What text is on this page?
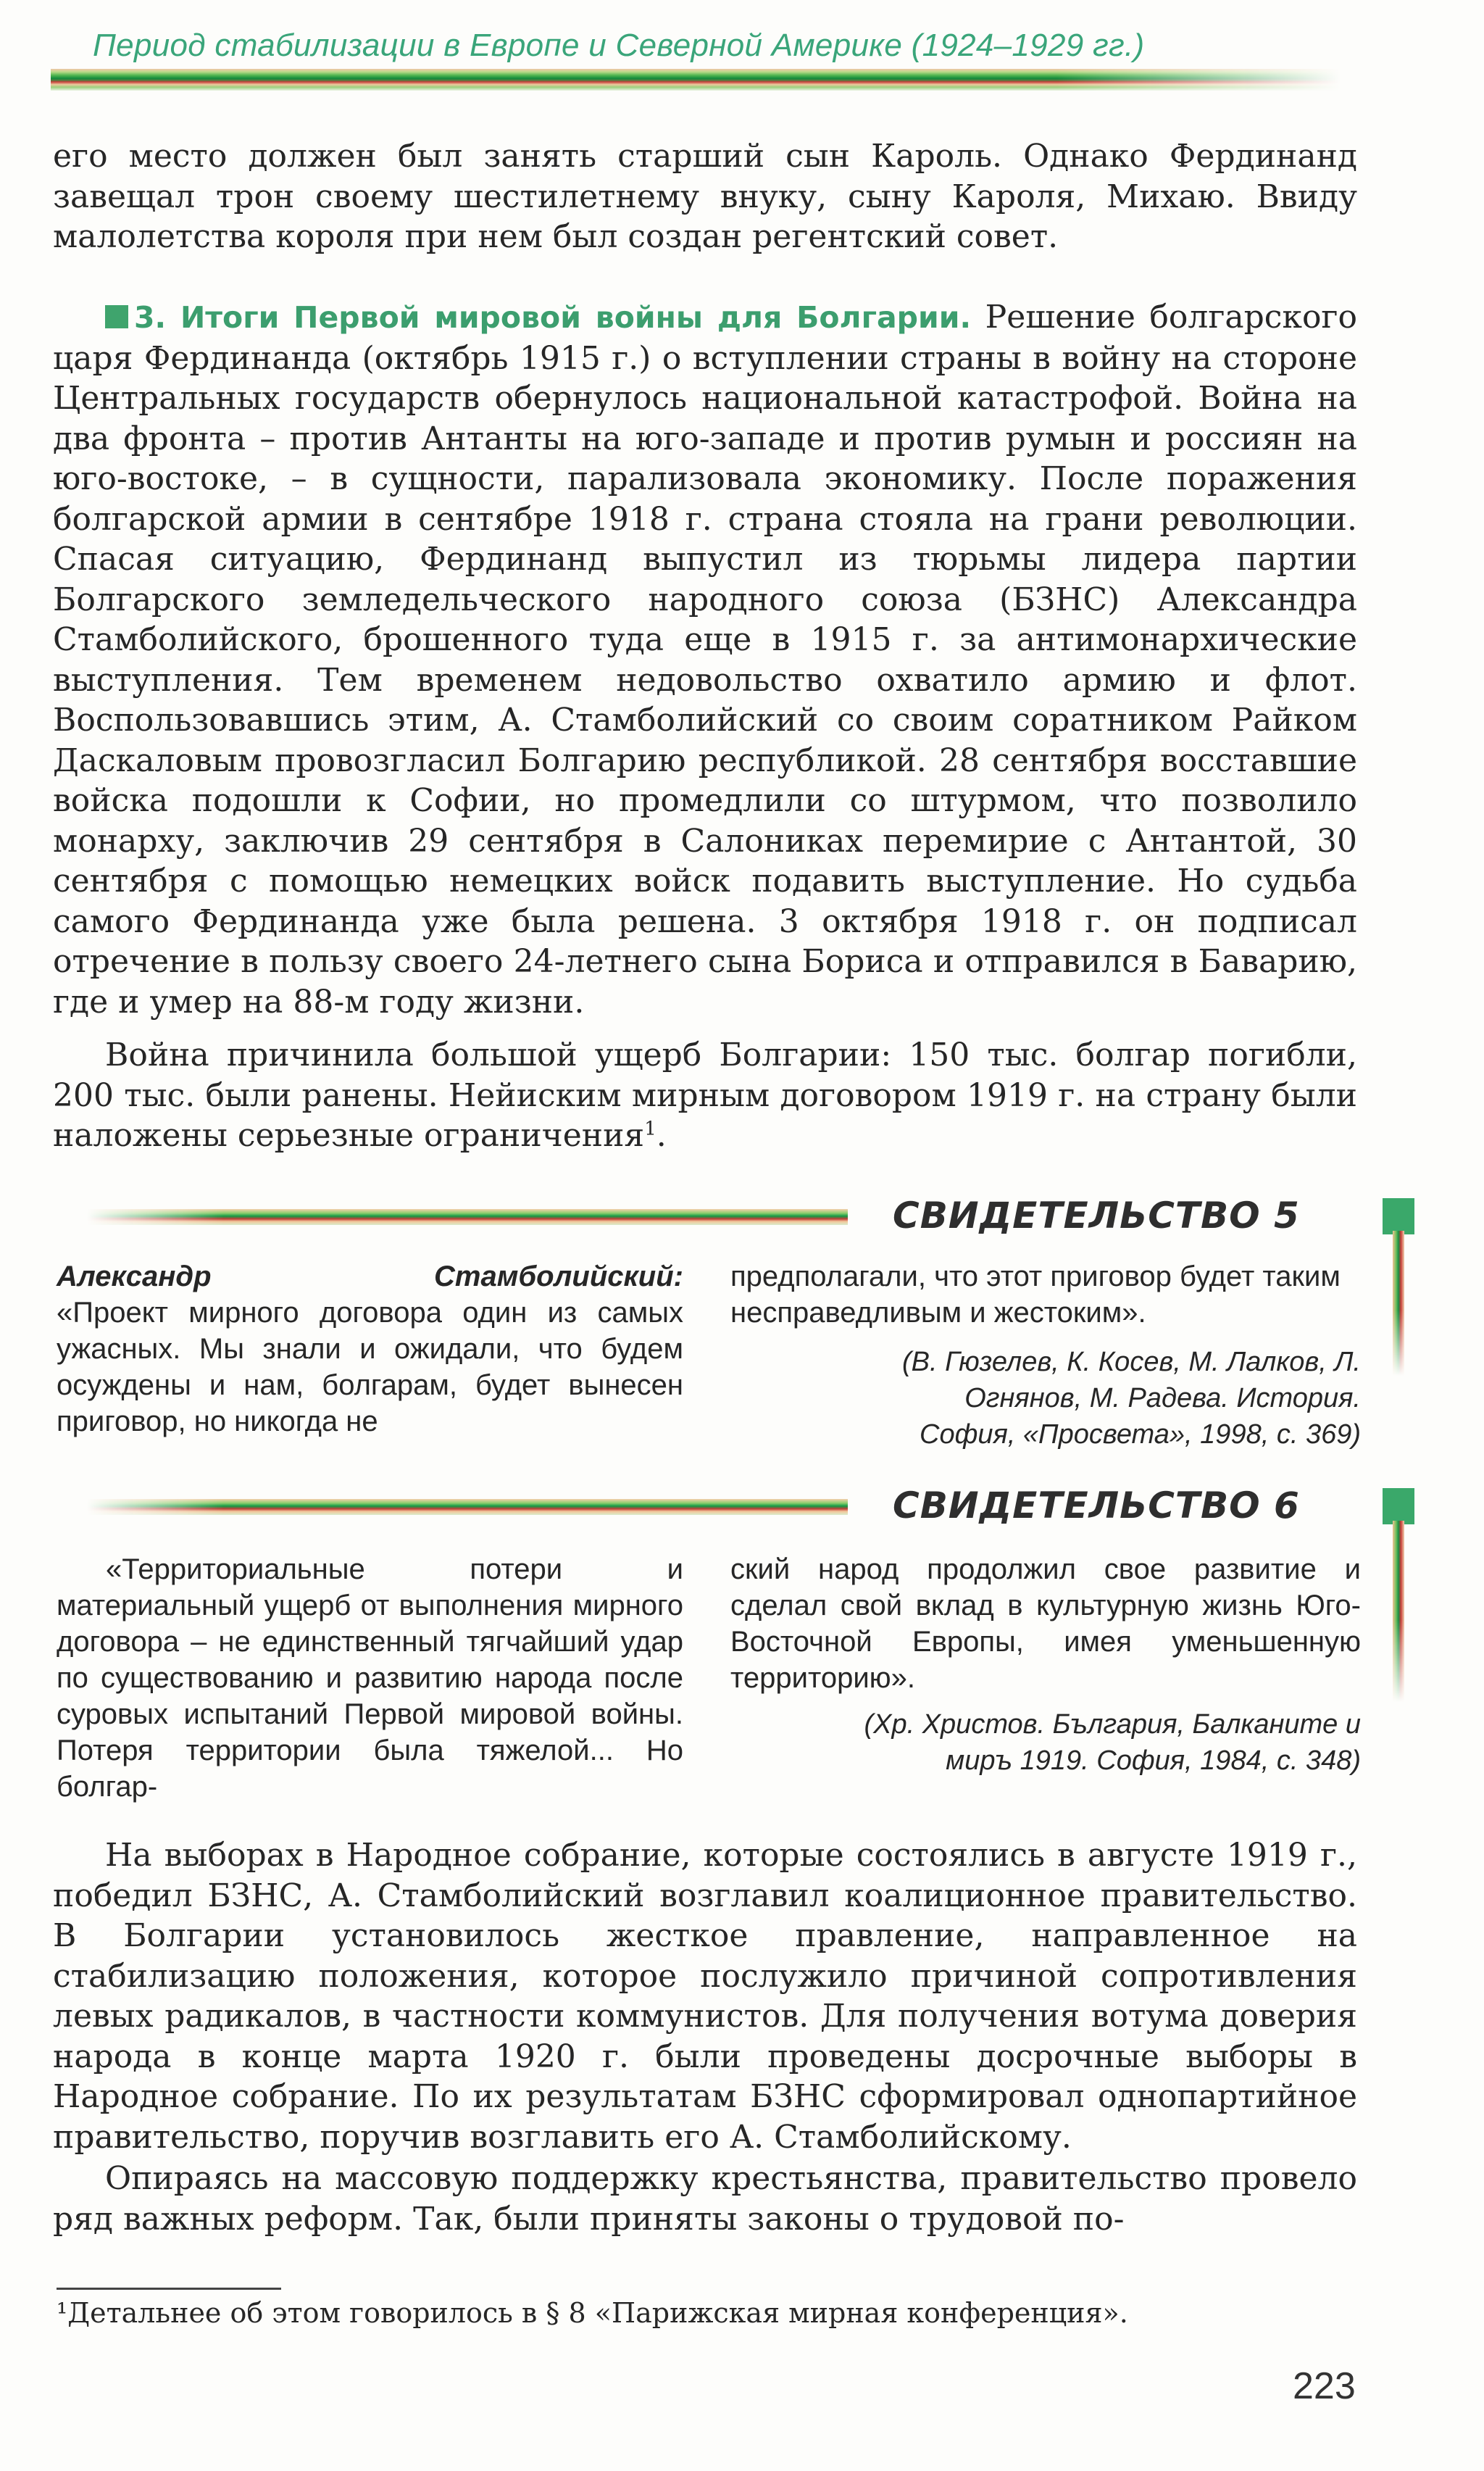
Период стабилизации в Европе и Северной Америке (1924–1929 гг.)

его место должен был занять старший сын Кароль. Однако Фердинанд завещал трон своему шестилетнему внуку, сыну Кароля, Михаю. Ввиду малолетства короля при нем был создан регентский совет.

3. Итоги Первой мировой войны для Болгарии. Решение болгарского царя Фердинанда (октябрь 1915 г.) о вступлении страны в войну на стороне Центральных государств обернулось национальной катастрофой. Война на два фронта – против Антанты на юго-западе и против румын и россиян на юго-востоке, – в сущности, парализовала экономику. После поражения болгарской армии в сентябре 1918 г. страна стояла на грани революции. Спасая ситуацию, Фердинанд выпустил из тюрьмы лидера партии Болгарского земледельческого народного союза (БЗНС) Александра Стамболийского, брошенного туда еще в 1915 г. за антимонархические выступления. Тем временем недовольство охватило армию и флот. Воспользовавшись этим, А. Стамболийский со своим соратником Райком Даскаловым провозгласил Болгарию республикой. 28 сентября восставшие войска подошли к Софии, но промедлили со штурмом, что позволило монарху, заключив 29 сентября в Салониках перемирие с Антантой, 30 сентября с помощью немецких войск подавить выступление. Но судьба самого Фердинанда уже была решена. 3 октября 1918 г. он подписал отречение в пользу своего 24-летнего сына Бориса и отправился в Баварию, где и умер на 88-м году жизни.

Война причинила большой ущерб Болгарии: 150 тыс. болгар погибли, 200 тыс. были ранены. Нейиским мирным договором 1919 г. на страну были наложены серьезные ограничения$^1$.

СВИДЕТЕЛЬСТВО 5

Александр Стамболийский:

«Проект мирного договора один из самых ужасных. Мы знали и ожидали, что будем осуждены и нам, болгарам, будет вынесен приговор, но никогда не

предполагали, что этот приговор будет таким несправедливым и жестоким».

(В. Гюзелев, К. Косев, М. Лалков, Л. Огнянов, М. Радева. История. София, «Просвета», 1998, с. 369)

СВИДЕТЕЛЬСТВО 6

«Территориальные потери и материальный ущерб от выполнения мирного договора – не единственный тягчайший удар по существованию и развитию народа после суровых испытаний Первой мировой войны. Потеря территории была тяжелой... Но болгар-

ский народ продолжил свое развитие и сделал свой вклад в культурную жизнь Юго-Восточной Европы, имея уменьшенную территорию».

(Хр. Христов. България, Балканите и миръ 1919. София, 1984, с. 348)

На выборах в Народное собрание, которые состоялись в августе 1919 г., победил БЗНС, А. Стамболийский возглавил коалиционное правительство. В Болгарии установилось жесткое правление, направленное на стабилизацию положения, которое послужило причиной сопротивления левых радикалов, в частности коммунистов. Для получения вотума доверия народа в конце марта 1920 г. были проведены досрочные выборы в Народное собрание. По их результатам БЗНС сформировал однопартийное правительство, поручив возглавить его А. Стамболийскому.

Опираясь на массовую поддержку крестьянства, правительство провело ряд важных реформ. Так, были приняты законы о трудовой по-

¹Детальнее об этом говорилось в § 8 «Парижская мирная конференция».
223
